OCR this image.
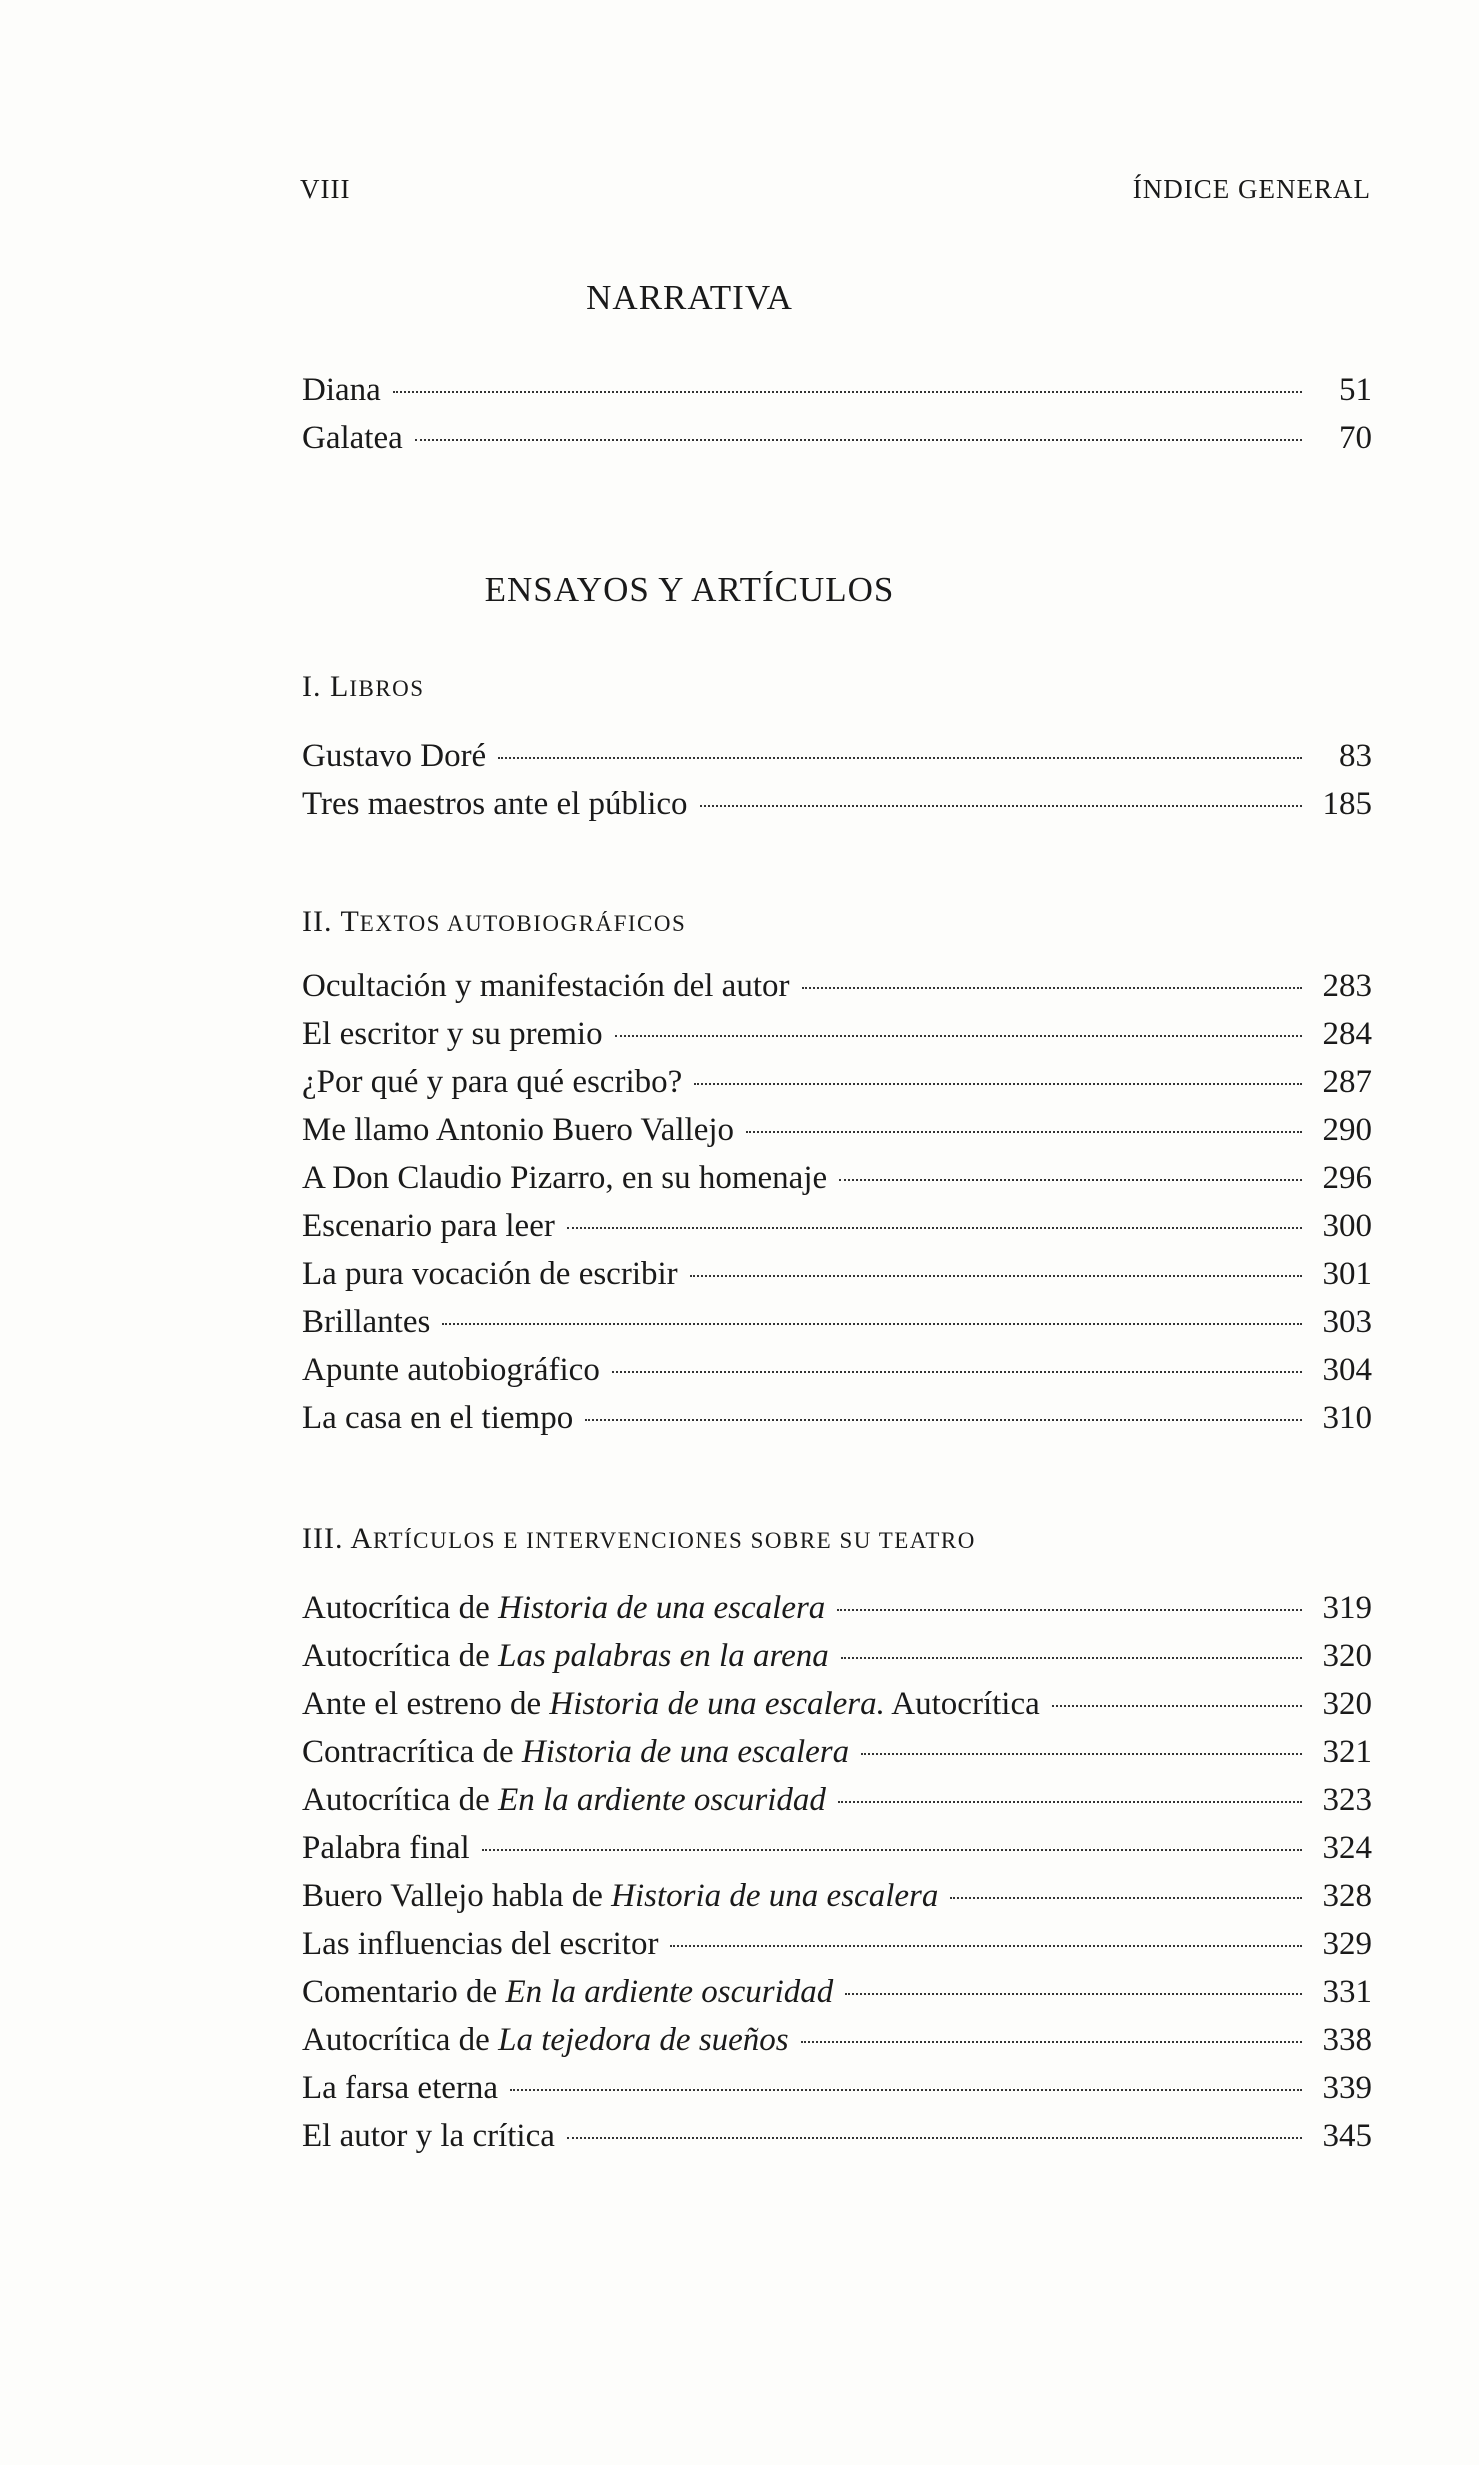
VIII	ÍNDICE GENERAL
NARRATIVA
Diana	51
Galatea	70
ENSAYOS Y ARTÍCULOS
I. LIBROS
Gustavo Doré	83
Tres maestros ante el público	185
II. TEXTOS AUTOBIOGRÁFICOS
Ocultación y manifestación del autor	283
El escritor y su premio	284
¿Por qué y para qué escribo?	287
Me llamo Antonio Buero Vallejo	290
A Don Claudio Pizarro, en su homenaje	296
Escenario para leer	300
La pura vocación de escribir	301
Brillantes	303
Apunte autobiográfico	304
La casa en el tiempo	310
III. ARTÍCULOS E INTERVENCIONES SOBRE SU TEATRO
Autocrítica de Historia de una escalera	319
Autocrítica de Las palabras en la arena	320
Ante el estreno de Historia de una escalera. Autocrítica	320
Contracrítica de Historia de una escalera	321
Autocrítica de En la ardiente oscuridad	323
Palabra final	324
Buero Vallejo habla de Historia de una escalera	328
Las influencias del escritor	329
Comentario de En la ardiente oscuridad	331
Autocrítica de La tejedora de sueños	338
La farsa eterna	339
El autor y la crítica	345
